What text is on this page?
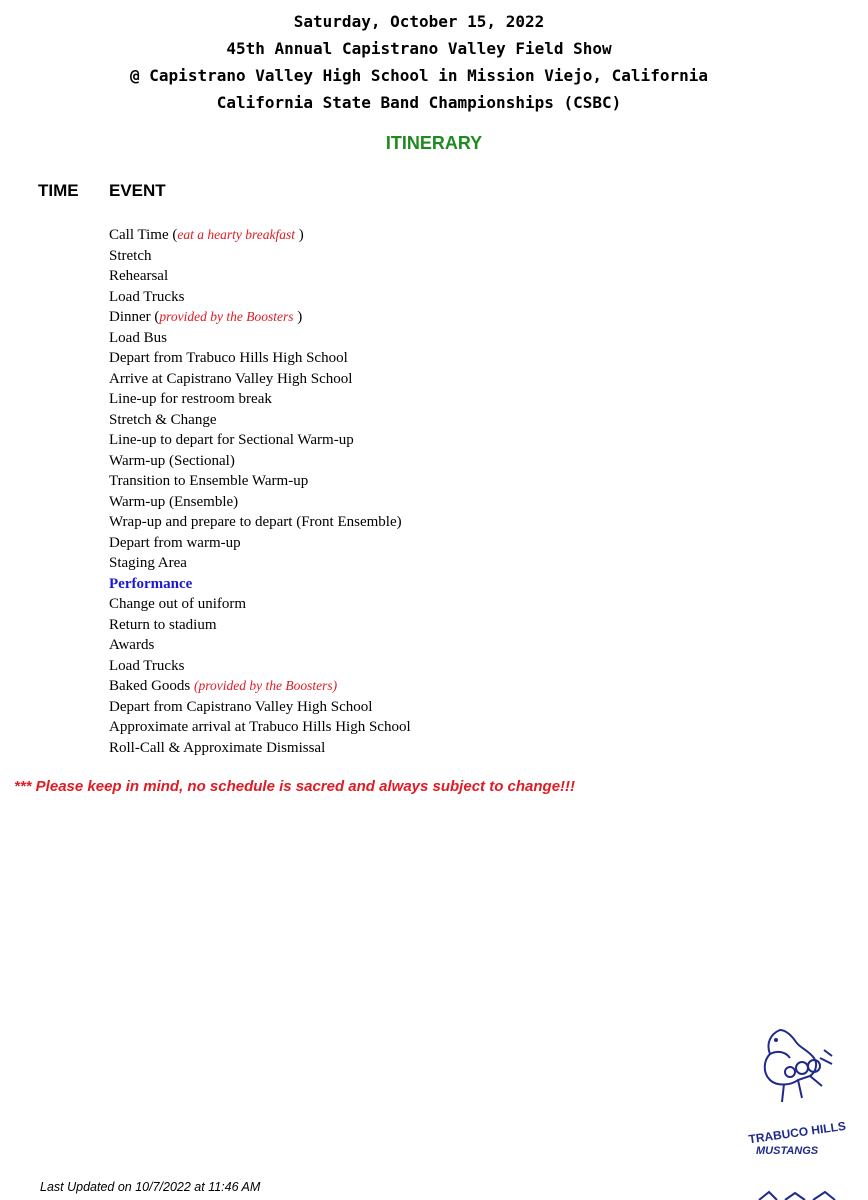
Saturday, October 15, 2022
45th Annual Capistrano Valley Field Show
@ Capistrano Valley High School in Mission Viejo, California
California State Band Championships (CSBC)
ITINERARY
TIME EVENT
Call Time (eat a hearty breakfast )
Stretch
Rehearsal
Load Trucks
Dinner (provided by the Boosters )
Load Bus
Depart from Trabuco Hills High School
Arrive at Capistrano Valley High School
Line-up for restroom break
Stretch & Change
Line-up to depart for Sectional Warm-up
Warm-up (Sectional)
Transition to Ensemble Warm-up
Warm-up (Ensemble)
Wrap-up and prepare to depart (Front Ensemble)
Depart from warm-up
Staging Area
Performance
Change out of uniform
Return to stadium
Awards
Load Trucks
Baked Goods (provided by the Boosters)
Depart from Capistrano Valley High School
Approximate arrival at Trabuco Hills High School
Roll-Call & Approximate Dismissal
*** Please keep in mind, no schedule is sacred and always subject to change!!!
TRABUCO HILLS
MUSTANGS
Last Updated on 10/7/2022 at 11:46 AM
